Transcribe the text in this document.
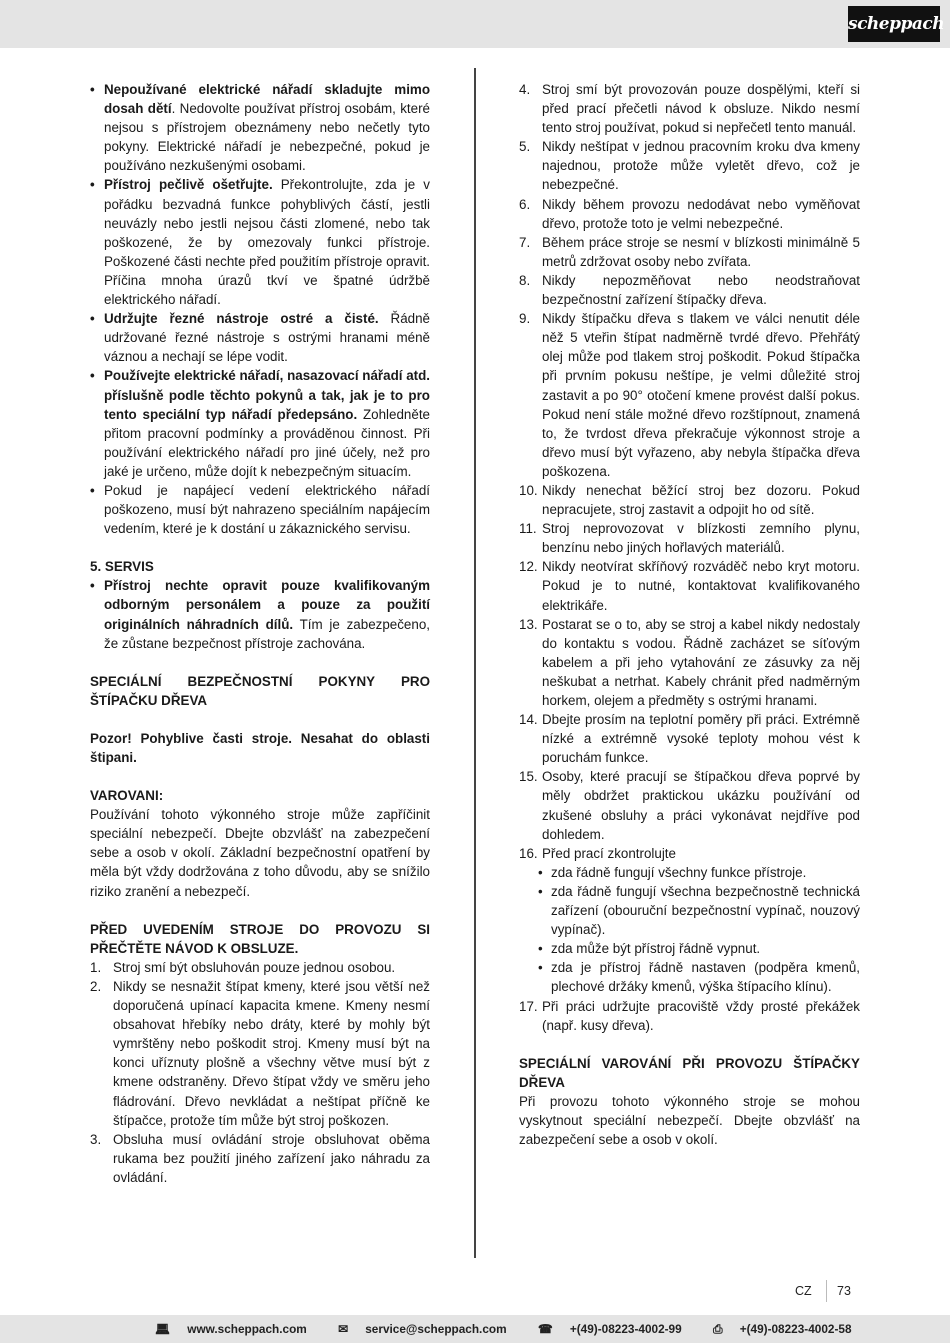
scheppach
• Nepoužívané elektrické nářadí skladujte mimo dosah dětí. Nedovolte používat přístroj osobám, které nejsou s přístrojem obeznámeny nebo nečetly tyto pokyny. Elektrické nářadí je nebezpečné, pokud je používáno nezkušenými osobami.
• Přístroj pečlivě ošetřujte. Překontrolujte, zda je v pořádku bezvadná funkce pohyblivých částí, jestli neuvázly nebo jestli nejsou části zlomené, nebo tak poškozené, že by omezovaly funkci přístroje. Poškozené části nechte před použitím přístroje opravit. Příčina mnoha úrazů tkví ve špatné údržbě elektrického nářadí.
• Udržujte řezné nástroje ostré a čisté. Řádně udržované řezné nástroje s ostrými hranami méně váznou a nechají se lépe vodit.
• Používejte elektrické nářadí, nasazovací nářadí atd. příslušně podle těchto pokynů a tak, jak je to pro tento speciální typ nářadí předepsáno. Zohledněte přitom pracovní podmínky a prováděnou činnost. Při používání elektrického nářadí pro jiné účely, než pro jaké je určeno, může dojít k nebezpečným situacím.
• Pokud je napájecí vedení elektrického nářadí poškozeno, musí být nahrazeno speciálním napájecím vedením, které je k dostání u zákaznického servisu.
5. SERVIS
• Přístroj nechte opravit pouze kvalifikovaným odborným personálem a pouze za použití originálních náhradních dílů. Tím je zabezpečeno, že zůstane bezpečnost přístroje zachována.
SPECIÁLNÍ BEZPEČNOSTNÍ POKYNY PRO ŠTÍPAČKU DŘEVA
Pozor! Pohyblive časti stroje. Nesahat do oblasti štipani.
VAROVANI:

Používání tohoto výkonného stroje může zapříčinit speciální nebezpečí. Dbejte obzvlášť na zabezpečení sebe a osob v okolí. Základní bezpečnostní opatření by měla být vždy dodržována z toho důvodu, aby se snížilo riziko zranění a nebezpečí.

PŘED UVEDENÍM STROJE DO PROVOZU SI PŘEČTĚTE NÁVOD K OBSLUZE.
1. Stroj smí být obsluhován pouze jednou osobou.
2. Nikdy se nesnažit štípat kmeny, které jsou větší než doporučená upínací kapacita kmene. Kmeny nesmí obsahovat hřebíky nebo dráty, které by mohly být vymrštěny nebo poškodit stroj. Kmeny musí být na konci uříznuty plošně a všechny větve musí být z kmene odstraněny. Dřevo štípat vždy ve směru jeho fládrování. Dřevo nevkládat a neštípat příčně ke štípačce, protože tím může být stroj poškozen.
3. Obsluha musí ovládání stroje obsluhovat oběma rukama bez použití jiného zařízení jako náhradu za ovládání.
4. Stroj smí být provozován pouze dospělými, kteří si před prací přečetli návod k obsluze. Nikdo nesmí tento stroj používat, pokud si nepřečetl tento manuál.
5. Nikdy neštípat v jednou pracovním kroku dva kmeny najednou, protože může vyletět dřevo, což je nebezpečné.
6. Nikdy během provozu nedodávat nebo vyměňovat dřevo, protože toto je velmi nebezpečné.
7. Během práce stroje se nesmí v blízkosti minimálně 5 metrů zdržovat osoby nebo zvířata.
8. Nikdy nepozměňovat nebo neodstraňovat bezpečnostní zařízení štípačky dřeva.
9. Nikdy štípačku dřeva s tlakem ve válci nenutit déle něž 5 vteřin štípat nadměrně tvrdé dřevo. Přehřátý olej může pod tlakem stroj poškodit. Pokud štípačka při prvním pokusu neštípe, je velmi důležité stroj zastavit a po 90° otočení kmene provést další pokus. Pokud není stále možné dřevo rozštípnout, znamená to, že tvrdost dřeva překračuje výkonnost stroje a dřevo musí být vyřazeno, aby nebyla štípačka dřeva poškozena.
10. Nikdy nenechat běžící stroj bez dozoru. Pokud nepracujete, stroj zastavit a odpojit ho od sítě.
11. Stroj neprovozovat v blízkosti zemního plynu, benzínu nebo jiných hořlavých materiálů.
12. Nikdy neotvírat skříňový rozváděč nebo kryt motoru. Pokud je to nutné, kontaktovat kvalifikovaného elektrikáře.
13. Postarat se o to, aby se stroj a kabel nikdy nedostaly do kontaktu s vodou. Řádně zacházet se síťovým kabelem a při jeho vytahování ze zásuvky za něj neškubat a netrhat. Kabely chránit před nadměrným horkem, olejem a předměty s ostrými hranami.
14. Dbejte prosím na teplotní poměry při práci. Extrémně nízké a extrémně vysoké teploty mohou vést k poruchám funkce.
15. Osoby, které pracují se štípačkou dřeva poprvé by měly obdržet praktickou ukázku používání od zkušené obsluhy a práci vykonávat nejdříve pod dohledem.
16. Před prací zkontrolujte
• zda řádně fungují všechny funkce přístroje.
• zda řádně fungují všechna bezpečnostně technická zařízení (obouruční bezpečnostní vypínač, nouzový vypínač).
• zda může být přístroj řádně vypnut.
• zda je přístroj řádně nastaven (podpěra kmenů, plechové držáky kmenů, výška štípacího klínu).
17. Při práci udržujte pracoviště vždy prosté překážek (např. kusy dřeva).
SPECIÁLNÍ VAROVÁNÍ PŘI PROVOZU ŠTÍPAČKY DŘEVA

Při provozu tohoto výkonného stroje se mohou vyskytnout speciální nebezpečí. Dbejte obzvlášť na zabezpečení sebe a osob v okolí.

CZ 73
💻︎ www.scheppach.com	✉︎ service@scheppach.com	☎︎ +(49)-08223-4002-99	⎙︎ +(49)-08223-4002-58
